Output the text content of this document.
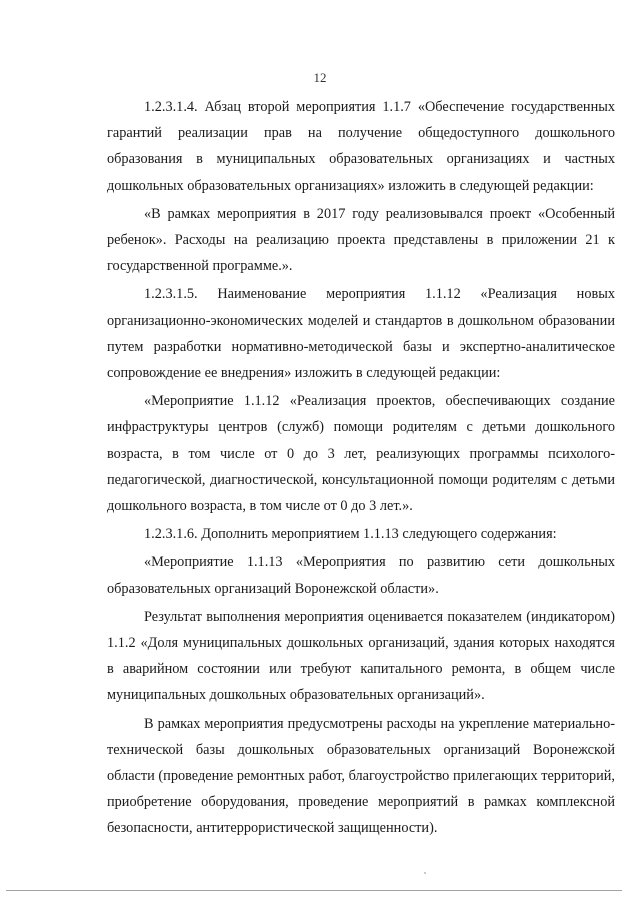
12

1.2.3.1.4. Абзац второй мероприятия 1.1.7 «Обеспечение государственных гарантий реализации прав на получение общедоступного дошкольного образования в муниципальных образовательных организациях и частных дошкольных образовательных организациях» изложить в следующей редакции:

«В рамках мероприятия в 2017 году реализовывался проект «Особенный ребенок». Расходы на реализацию проекта представлены в приложении 21 к государственной программе.».

1.2.3.1.5. Наименование мероприятия 1.1.12 «Реализация новых организационно-экономических моделей и стандартов в дошкольном образовании путем разработки нормативно-методической базы и экспертно-аналитическое сопровождение ее внедрения» изложить в следующей редакции:

«Мероприятие 1.1.12 «Реализация проектов, обеспечивающих создание инфраструктуры центров (служб) помощи родителям с детьми дошкольного возраста, в том числе от 0 до 3 лет, реализующих программы психолого-педагогической, диагностической, консультационной помощи родителям с детьми дошкольного возраста, в том числе от 0 до 3 лет.».

1.2.3.1.6. Дополнить мероприятием 1.1.13 следующего содержания:

«Мероприятие 1.1.13 «Мероприятия по развитию сети дошкольных образовательных организаций Воронежской области».

Результат выполнения мероприятия оценивается показателем (индикатором) 1.1.2 «Доля муниципальных дошкольных организаций, здания которых находятся в аварийном состоянии или требуют капитального ремонта, в общем числе муниципальных дошкольных образовательных организаций».

В рамках мероприятия предусмотрены расходы на укрепление материально-технической базы дошкольных образовательных организаций Воронежской области (проведение ремонтных работ, благоустройство прилегающих территорий, приобретение оборудования, проведение мероприятий в рамках комплексной безопасности, антитеррористической защищенности).
